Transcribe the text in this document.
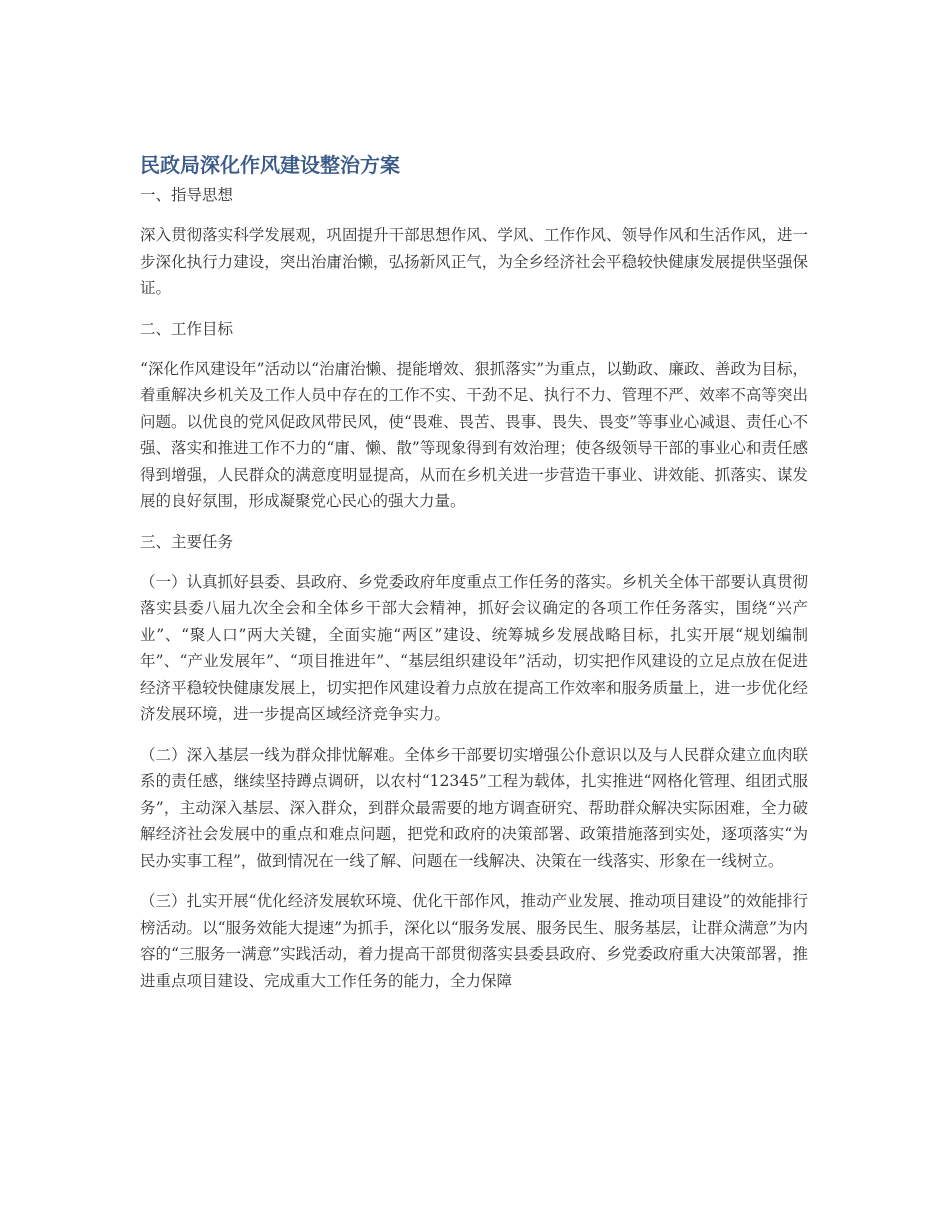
民政局深化作风建设整治方案
一、指导思想

深入贯彻落实科学发展观，巩固提升干部思想作风、学风、工作作风、领导作风和生活作风，进一步深化执行力建设，突出治庸治懒，弘扬新风正气，为全乡经济社会平稳较快健康发展提供坚强保证。

二、工作目标

“深化作风建设年”活动以“治庸治懒、提能增效、狠抓落实”为重点，以勤政、廉政、善政为目标，着重解决乡机关及工作人员中存在的工作不实、干劲不足、执行不力、管理不严、效率不高等突出问题。以优良的党风促政风带民风，使“畏难、畏苦、畏事、畏失、畏变”等事业心减退、责任心不强、落实和推进工作不力的“庸、懒、散”等现象得到有效治理；使各级领导干部的事业心和责任感得到增强，人民群众的满意度明显提高，从而在乡机关进一步营造干事业、讲效能、抓落实、谋发展的良好氛围，形成凝聚党心民心的强大力量。

三、主要任务

（一）认真抓好县委、县政府、乡党委政府年度重点工作任务的落实。乡机关全体干部要认真贯彻落实县委八届九次全会和全体乡干部大会精神，抓好会议确定的各项工作任务落实，围绕“兴产业”、“聚人口”两大关键，全面实施“两区”建设、统筹城乡发展战略目标，扎实开展“规划编制年”、“产业发展年”、“项目推进年”、“基层组织建设年”活动，切实把作风建设的立足点放在促进经济平稳较快健康发展上，切实把作风建设着力点放在提高工作效率和服务质量上，进一步优化经济发展环境，进一步提高区域经济竞争实力。

（二）深入基层一线为群众排忧解难。全体乡干部要切实增强公仆意识以及与人民群众建立血肉联系的责任感，继续坚持蹲点调研，以农村“12345”工程为载体，扎实推进“网格化管理、组团式服务”，主动深入基层、深入群众，到群众最需要的地方调查研究、帮助群众解决实际困难，全力破解经济社会发展中的重点和难点问题，把党和政府的决策部署、政策措施落到实处，逐项落实“为民办实事工程”，做到情况在一线了解、问题在一线解决、决策在一线落实、形象在一线树立。

（三）扎实开展“优化经济发展软环境、优化干部作风，推动产业发展、推动项目建设”的效能排行榜活动。以“服务效能大提速”为抓手，深化以“服务发展、服务民生、服务基层，让群众满意”为内容的“三服务一满意”实践活动，着力提高干部贯彻落实县委县政府、乡党委政府重大决策部署，推进重点项目建设、完成重大工作任务的能力，全力保障
